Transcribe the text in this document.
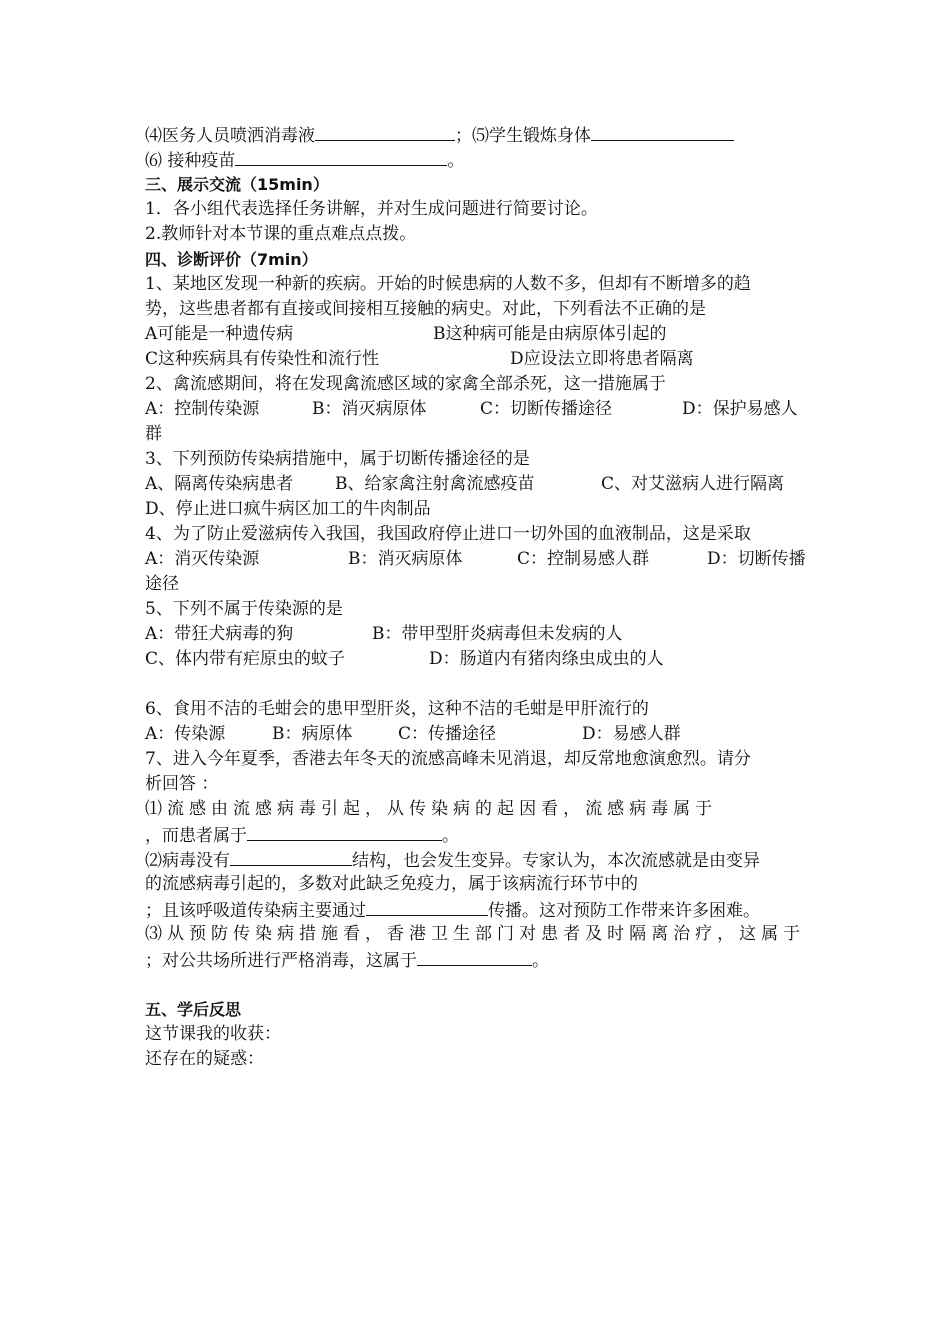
⑷医务人员喷洒消毒液	；⑸学生锻炼身体
⑹ 接种疫苗	。
三、展示交流（15min）
1．各小组代表选择任务讲解，并对生成问题进行简要讨论。
2.教师针对本节课的重点难点点拨。
四、诊断评价（7min）
1、某地区发现一种新的疾病。开始的时候患病的人数不多，但却有不断增多的趋
势，这些患者都有直接或间接相互接触的病史。对此，下列看法不正确的是
A可能是一种遗传病	B这种病可能是由病原体引起的
C这种疾病具有传染性和流行性	D应设法立即将患者隔离
2、禽流感期间，将在发现禽流感区域的家禽全部杀死，这一措施属于
A：控制传染源	B：消灭病原体	C：切断传播途径	D：保护易感人
群
3、下列预防传染病措施中，属于切断传播途径的是
A、隔离传染病患者 B、给家禽注射禽流感疫苗	C、对艾滋病人进行隔离
D、停止进口疯牛病区加工的牛肉制品
4、为了防止爱滋病传入我国，我国政府停止进口一切外国的血液制品，这是采取
A：消灭传染源	B：消灭病原体	C：控制易感人群	D：切断传播
途径
5、下列不属于传染源的是
A：带狂犬病毒的狗	B：带甲型肝炎病毒但未发病的人
C、体内带有疟原虫的蚊子	D：肠道内有猪肉绦虫成虫的人
6、食用不洁的毛蚶会的患甲型肝炎，这种不洁的毛蚶是甲肝流行的
A：传染源	B：病原体	C：传播途径	D：易感人群
7、进入今年夏季，香港去年冬天的流感高峰未见消退，却反常地愈演愈烈。请分
析回答 ：
⑴ 流 感 由 流 感 病 毒 引 起 ， 从 传 染 病 的 起 因 看 ， 流 感 病 毒 属 于
，而患者属于	。
⑵病毒没有	结构，也会发生变异。专家认为，本次流感就是由变异
的流感病毒引起的，多数对此缺乏免疫力，属于该病流行环节中的
；且该呼吸道传染病主要通过	传播。这对预防工作带来许多困难。
⑶ 从 预 防 传 染 病 措 施 看 ， 香 港 卫 生 部 门 对 患 者 及 时 隔 离 治 疗 ， 这 属 于
；对公共场所进行严格消毒，这属于	。
五、学后反思
这节课我的收获：
还存在的疑惑：
